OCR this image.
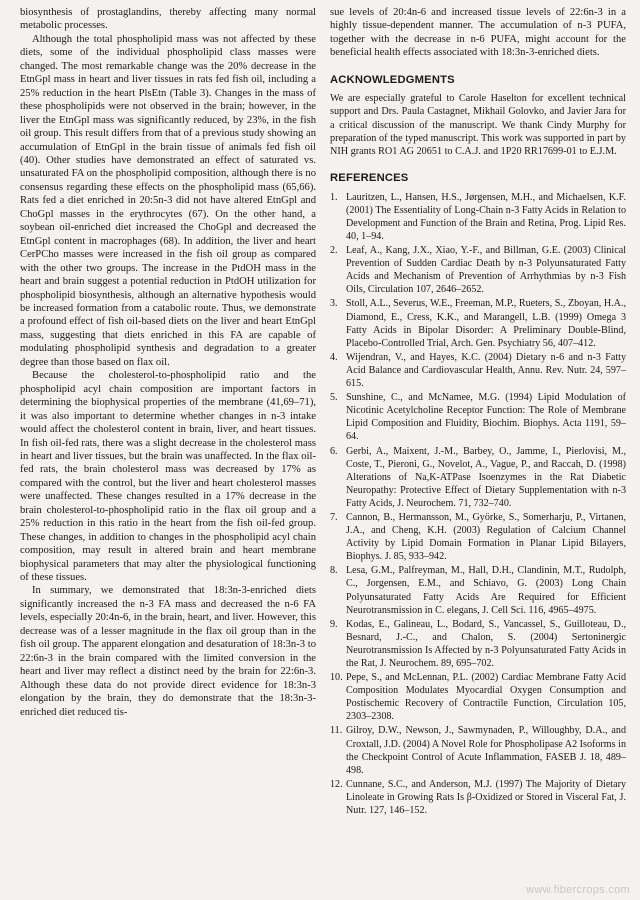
biosynthesis of prostaglandins, thereby affecting many normal metabolic processes.

Although the total phospholipid mass was not affected by these diets, some of the individual phospholipid class masses were changed. The most remarkable change was the 20% decrease in the EtnGpl mass in heart and liver tissues in rats fed fish oil, including a 25% reduction in the heart PlsEtn (Table 3). Changes in the mass of these phospholipids were not observed in the brain; however, in the liver the EtnGpl mass was significantly reduced, by 23%, in the fish oil group. This result differs from that of a previous study showing an accumulation of EtnGpl in the brain tissue of animals fed fish oil (40). Other studies have demonstrated an effect of saturated vs. unsaturated FA on the phospholipid composition, although there is no consensus regarding these effects on the phospholipid mass (65,66). Rats fed a diet enriched in 20:5n-3 did not have altered EtnGpl and ChoGpl masses in the erythrocytes (67). On the other hand, a soybean oil-enriched diet increased the ChoGpl and decreased the EtnGpl content in macrophages (68). In addition, the liver and heart CerPCho masses were increased in the fish oil group as compared with the other two groups. The increase in the PtdOH mass in the heart and brain suggest a potential reduction in PtdOH utilization for phospholipid biosynthesis, although an alternative hypothesis would be increased formation from a catabolic route. Thus, we demonstrate a profound effect of fish oil-based diets on the liver and heart EtnGpl mass, suggesting that diets enriched in this FA are capable of modulating phospholipid synthesis and degradation to a greater degree than those based on flax oil.

Because the cholesterol-to-phospholipid ratio and the phospholipid acyl chain composition are important factors in determining the biophysical properties of the membrane (41,69–71), it was also important to determine whether changes in n-3 intake would affect the cholesterol content in brain, liver, and heart tissues. In fish oil-fed rats, there was a slight decrease in the cholesterol mass in heart and liver tissues, but the brain was unaffected. In the flax oil-fed rats, the brain cholesterol mass was decreased by 17% as compared with the control, but the liver and heart cholesterol masses were unaffected. These changes resulted in a 17% decrease in the brain cholesterol-to-phospholipid ratio in the flax oil group and a 25% reduction in this ratio in the heart from the fish oil-fed group. These changes, in addition to changes in the phospholipid acyl chain composition, may result in altered brain and heart membrane biophysical parameters that may alter the physiological functioning of these tissues.

In summary, we demonstrated that 18:3n-3-enriched diets significantly increased the n-3 FA mass and decreased the n-6 FA levels, especially 20:4n-6, in the brain, heart, and liver. However, this decrease was of a lesser magnitude in the flax oil group than in the fish oil group. The apparent elongation and desaturation of 18:3n-3 to 22:6n-3 in the brain compared with the limited conversion in the heart and liver may reflect a distinct need by the brain for 22:6n-3. Although these data do not provide direct evidence for 18:3n-3 elongation by the brain, they do demonstrate that the 18:3n-3-enriched diet reduced tis-

sue levels of 20:4n-6 and increased tissue levels of 22:6n-3 in a highly tissue-dependent manner. The accumulation of n-3 PUFA, together with the decrease in n-6 PUFA, might account for the beneficial health effects associated with 18:3n-3-enriched diets.

ACKNOWLEDGMENTS

We are especially grateful to Carole Haselton for excellent technical support and Drs. Paula Castagnet, Mikhail Golovko, and Javier Jara for a critical discussion of the manuscript. We thank Cindy Murphy for preparation of the typed manuscript. This work was supported in part by NIH grants RO1 AG 20651 to C.A.J. and 1P20 RR17699-01 to E.J.M.

REFERENCES
1. Lauritzen, L., Hansen, H.S., Jørgensen, M.H., and Michaelsen, K.F. (2001) The Essentiality of Long-Chain n-3 Fatty Acids in Relation to Development and Function of the Brain and Retina, Prog. Lipid Res. 40, 1–94.
2. Leaf, A., Kang, J.X., Xiao, Y.-F., and Billman, G.E. (2003) Clinical Prevention of Sudden Cardiac Death by n-3 Polyunsaturated Fatty Acids and Mechanism of Prevention of Arrhythmias by n-3 Fish Oils, Circulation 107, 2646–2652.
3. Stoll, A.L., Severus, W.E., Freeman, M.P., Rueters, S., Zboyan, H.A., Diamond, E., Cress, K.K., and Marangell, L.B. (1999) Omega 3 Fatty Acids in Bipolar Disorder: A Preliminary Double-Blind, Placebo-Controlled Trial, Arch. Gen. Psychiatry 56, 407–412.
4. Wijendran, V., and Hayes, K.C. (2004) Dietary n-6 and n-3 Fatty Acid Balance and Cardiovascular Health, Annu. Rev. Nutr. 24, 597–615.
5. Sunshine, C., and McNamee, M.G. (1994) Lipid Modulation of Nicotinic Acetylcholine Receptor Function: The Role of Membrane Lipid Composition and Fluidity, Biochim. Biophys. Acta 1191, 59–64.
6. Gerbi, A., Maixent, J.-M., Barbey, O., Jamme, I., Pierlovisi, M., Coste, T., Pieroni, G., Novelot, A., Vague, P., and Raccah, D. (1998) Alterations of Na,K-ATPase Isoenzymes in the Rat Diabetic Neuropathy: Protective Effect of Dietary Supplementation with n-3 Fatty Acids, J. Neurochem. 71, 732–740.
7. Cannon, B., Hermansson, M., Györke, S., Somerharju, P., Virtanen, J.A., and Cheng, K.H. (2003) Regulation of Calcium Channel Activity by Lipid Domain Formation in Planar Lipid Bilayers, Biophys. J. 85, 933–942.
8. Lesa, G.M., Palfreyman, M., Hall, D.H., Clandinin, M.T., Rudolph, C., Jorgensen, E.M., and Schiavo, G. (2003) Long Chain Polyunsaturated Fatty Acids Are Required for Efficient Neurotransmission in C. elegans, J. Cell Sci. 116, 4965–4975.
9. Kodas, E., Galineau, L., Bodard, S., Vancassel, S., Guilloteau, D., Besnard, J.-C., and Chalon, S. (2004) Sertoninergic Neurotransmission Is Affected by n-3 Polyunsaturated Fatty Acids in the Rat, J. Neurochem. 89, 695–702.
10. Pepe, S., and McLennan, P.L. (2002) Cardiac Membrane Fatty Acid Composition Modulates Myocardial Oxygen Consumption and Postischemic Recovery of Contractile Function, Circulation 105, 2303–2308.
11. Gilroy, D.W., Newson, J., Sawmynaden, P., Willoughby, D.A., and Croxtall, J.D. (2004) A Novel Role for Phospholipase A2 Isoforms in the Checkpoint Control of Acute Inflammation, FASEB J. 18, 489–498.
12. Cunnane, S.C., and Anderson, M.J. (1997) The Majority of Dietary Linoleate in Growing Rats Is β-Oxidized or Stored in Visceral Fat, J. Nutr. 127, 146–152.
www.fibercrops.com
